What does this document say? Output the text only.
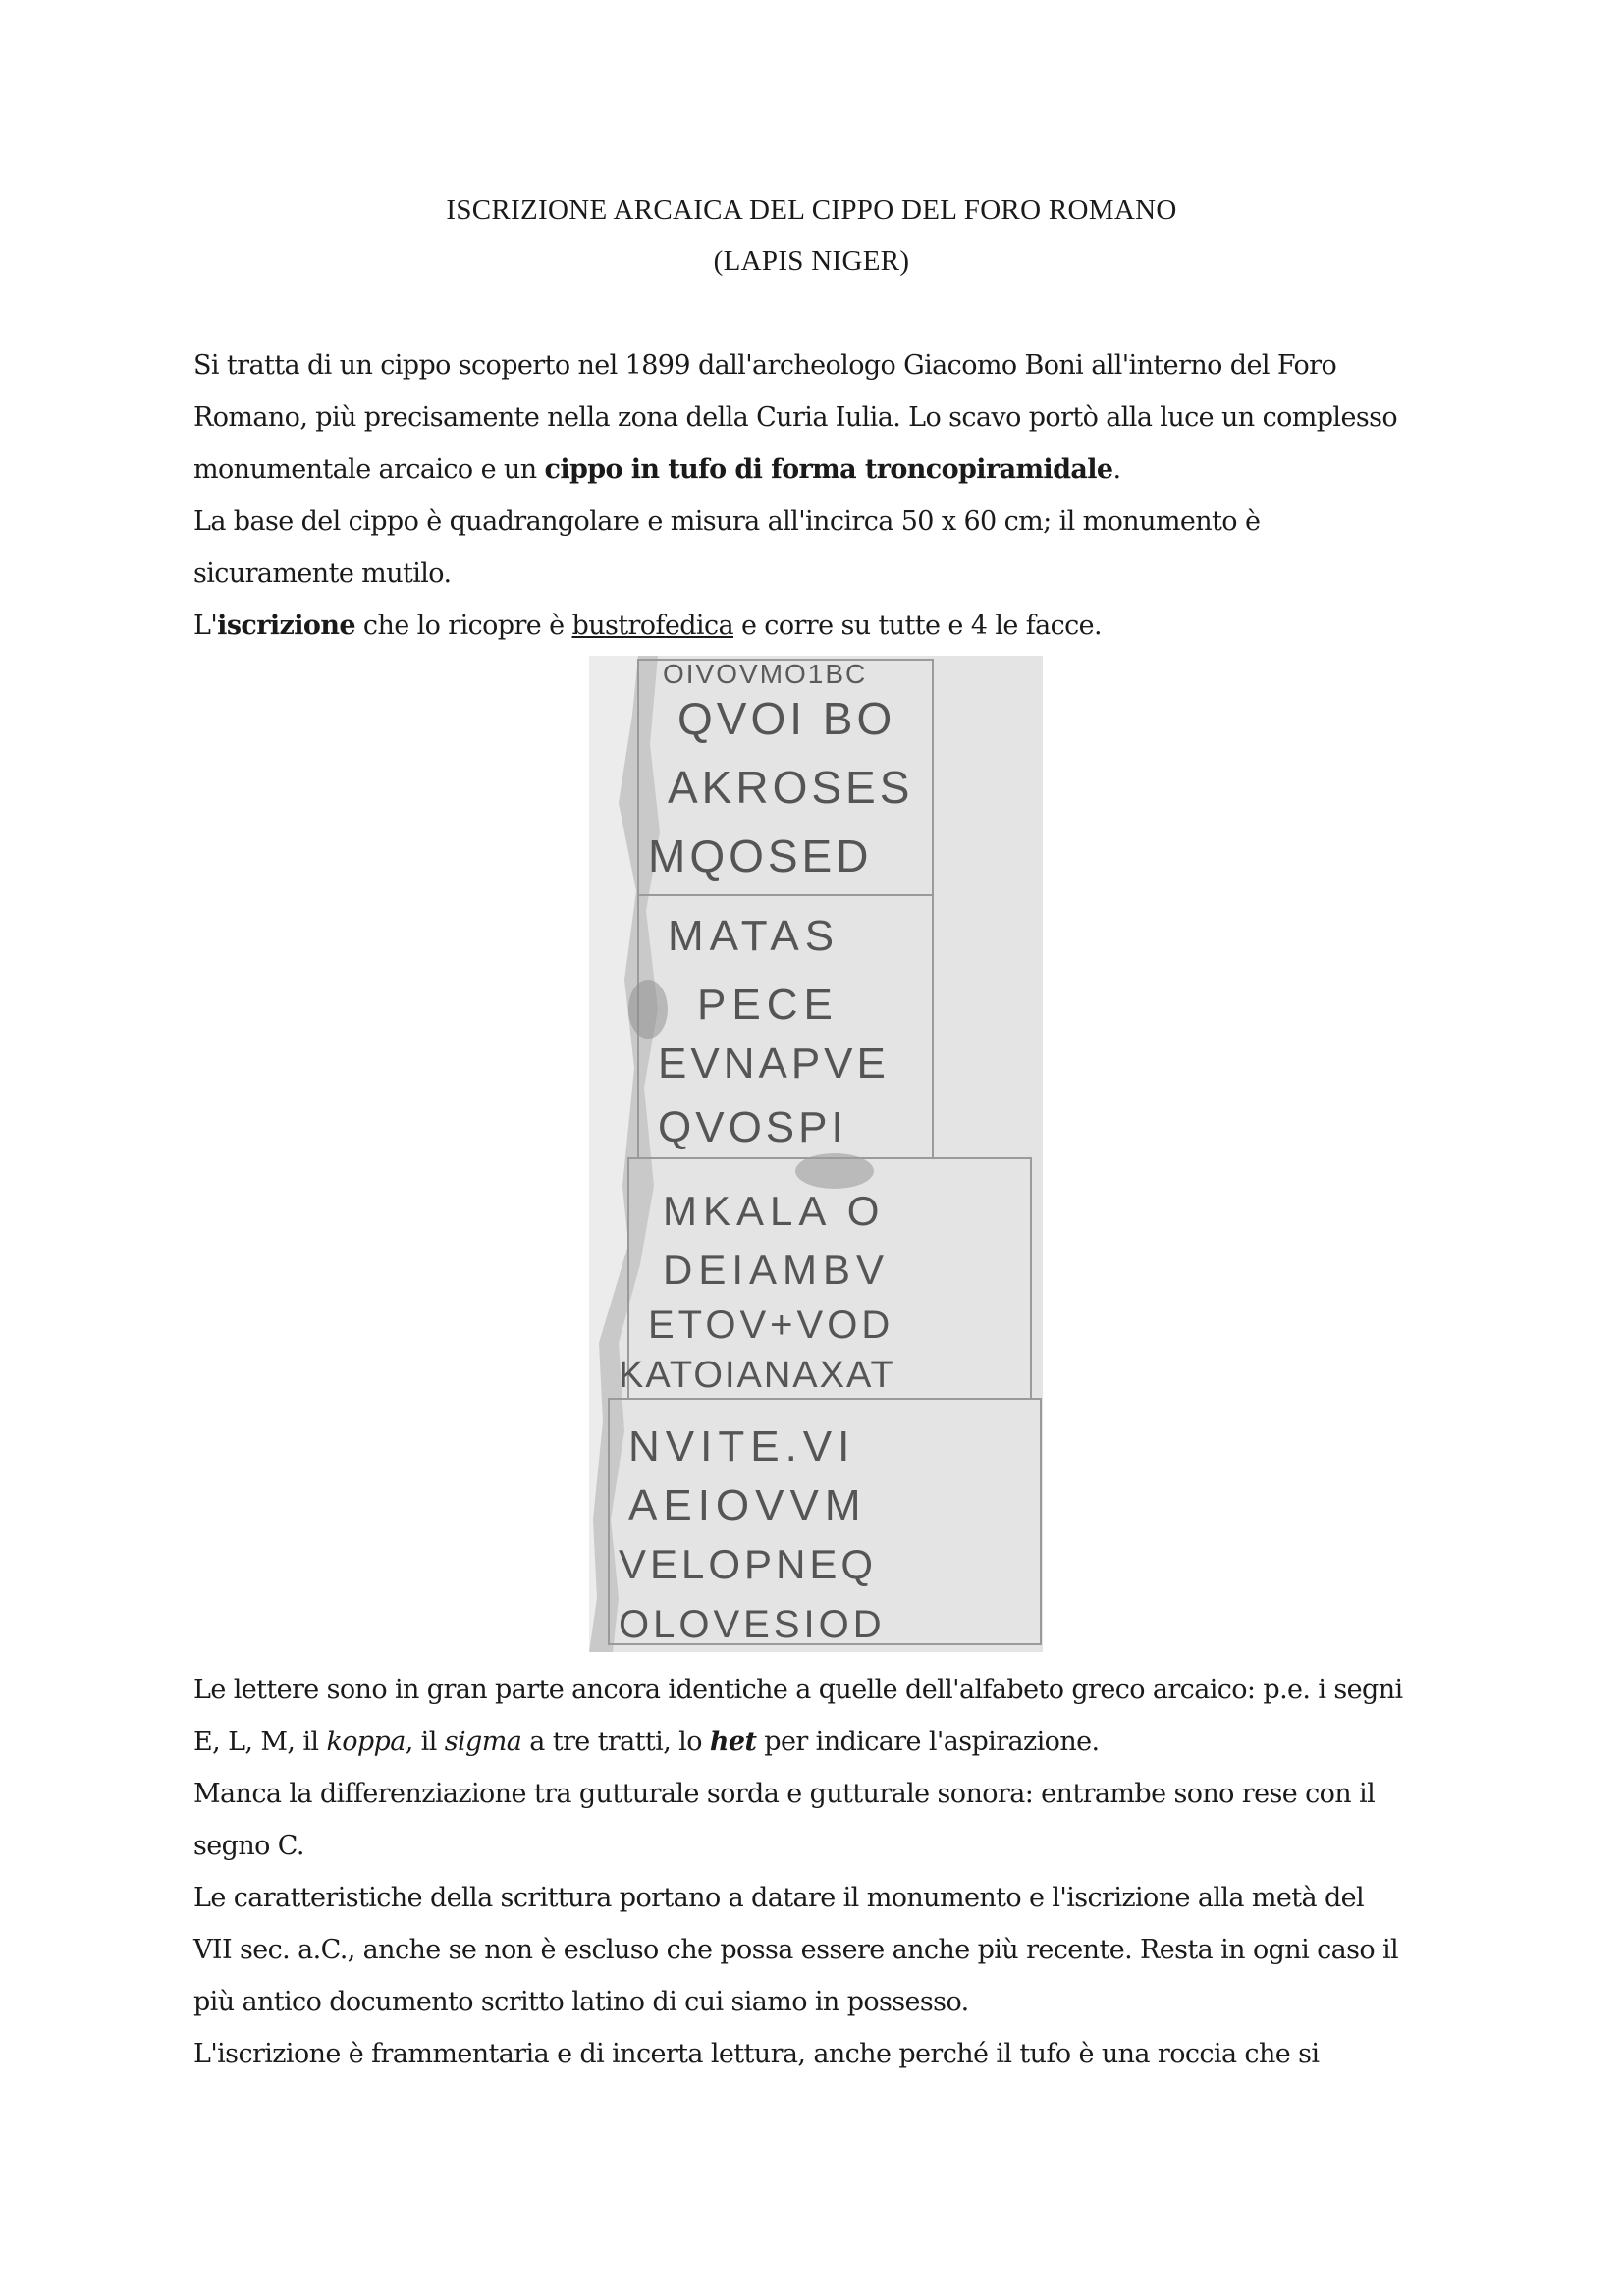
ISCRIZIONE ARCAICA DEL CIPPO DEL FORO ROMANO
(LAPIS NIGER)
Si tratta di un cippo scoperto nel 1899 dall'archeologo Giacomo Boni all'interno del Foro
Romano, più precisamente nella zona della Curia Iulia. Lo scavo portò alla luce un complesso
monumentale arcaico e un cippo in tufo di forma troncopiramidale.
La base del cippo è quadrangolare e misura all'incirca 50 x 60 cm; il monumento è
sicuramente mutilo.
L'iscrizione che lo ricopre è bustrofedica e corre su tutte e 4 le facce.
OIVOVMO1BC
QVOI BO
AKROSES
MQOSED
MATAS
PECE
EVNAPVE
QVOSPI
MKALA O
DEIAMBV
ETOV+VOD
KATOIANAXAT
NVITE.VI
AEIOVVM
VELOPNEQ
OLOVESIOD
Le lettere sono in gran parte ancora identiche a quelle dell'alfabeto greco arcaico: p.e. i segni
E, L, M, il koppa, il sigma a tre tratti, lo het per indicare l'aspirazione.
Manca la differenziazione tra gutturale sorda e gutturale sonora: entrambe sono rese con il
segno C.
Le caratteristiche della scrittura portano a datare il monumento e l'iscrizione alla metà del
VII sec. a.C., anche se non è escluso che possa essere anche più recente. Resta in ogni caso il
più antico documento scritto latino di cui siamo in possesso.
L'iscrizione è frammentaria e di incerta lettura, anche perché il tufo è una roccia che si
